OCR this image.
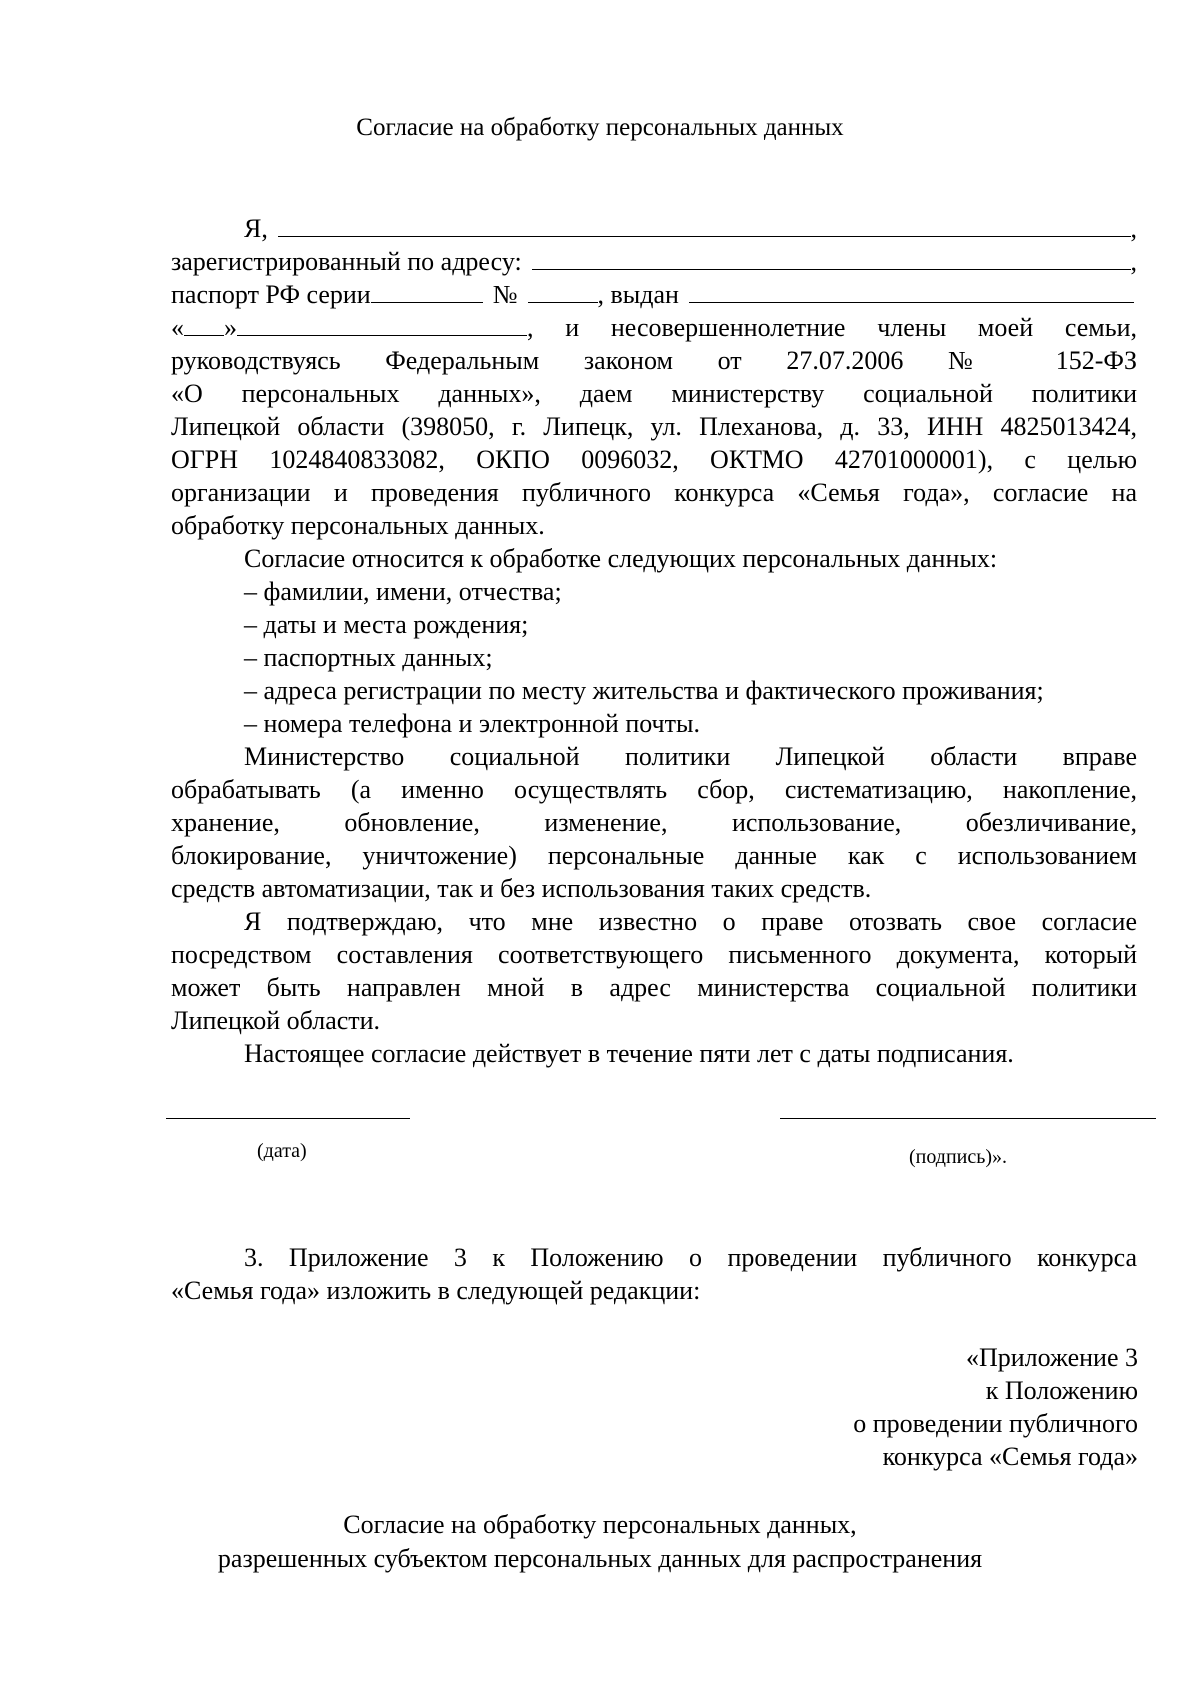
Согласие на обработку персональных данных
Я,	,
зарегистрированный по адресу:	,
паспорт РФ серии	№	, выдан
« »	, и несовершеннолетние члены моей семьи,
руководствуясь Федеральным законом от 27.07.2006 № 152-ФЗ
«О персональных данных», даем министерству социальной политики
Липецкой области (398050, г. Липецк, ул. Плеханова, д. 33, ИНН 4825013424,
ОГРН 1024840833082, ОКПО 0096032, ОКТМО 42701000001), с целью
организации и проведения публичного конкурса «Семья года», согласие на
обработку персональных данных.
Согласие относится к обработке следующих персональных данных:
– фамилии, имени, отчества;
– даты и места рождения;
– паспортных данных;
– адреса регистрации по месту жительства и фактического проживания;
– номера телефона и электронной почты.
Министерство социальной политики Липецкой области вправе
обрабатывать (а именно осуществлять сбор, систематизацию, накопление,
хранение, обновление, изменение, использование, обезличивание,
блокирование, уничтожение) персональные данные как с использованием
средств автоматизации, так и без использования таких средств.
Я подтверждаю, что мне известно о праве отозвать свое согласие
посредством составления соответствующего письменного документа, который
может быть направлен мной в адрес министерства социальной политики
Липецкой области.
Настоящее согласие действует в течение пяти лет с даты подписания.
(дата)	(подпись)».
3. Приложение 3 к Положению о проведении публичного конкурса
«Семья года» изложить в следующей редакции:
«Приложение 3
к Положению
о проведении публичного
конкурса «Семья года»
Согласие на обработку персональных данных,
разрешенных субъектом персональных данных для распространения
